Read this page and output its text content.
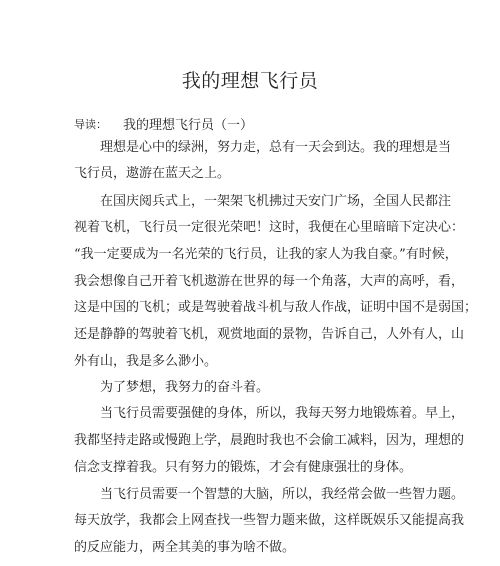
我的理想飞行员
导读： 我的理想飞行员（一）
理想是心中的绿洲，努力走，总有一天会到达。我的理想是当
飞行员，遨游在蓝天之上。
在国庆阅兵式上，一架架飞机拂过天安门广场，全国人民都注
视着飞机，飞行员一定很光荣吧！这时，我便在心里暗暗下定决心：
“我一定要成为一名光荣的飞行员，让我的家人为我自豪。”有时候，
我会想像自己开着飞机遨游在世界的每一个角落，大声的高呼，看，
这是中国的飞机；或是驾驶着战斗机与敌人作战，证明中国不是弱国；
还是静静的驾驶着飞机，观赏地面的景物，告诉自己，人外有人，山
外有山，我是多么渺小。
为了梦想，我努力的奋斗着。
当飞行员需要强健的身体，所以，我每天努力地锻炼着。早上，
我都坚持走路或慢跑上学，晨跑时我也不会偷工减料，因为，理想的
信念支撑着我。只有努力的锻炼，才会有健康强壮的身体。
当飞行员需要一个智慧的大脑，所以，我经常会做一些智力题。
每天放学，我都会上网查找一些智力题来做，这样既娱乐又能提高我
的反应能力，两全其美的事为啥不做。
